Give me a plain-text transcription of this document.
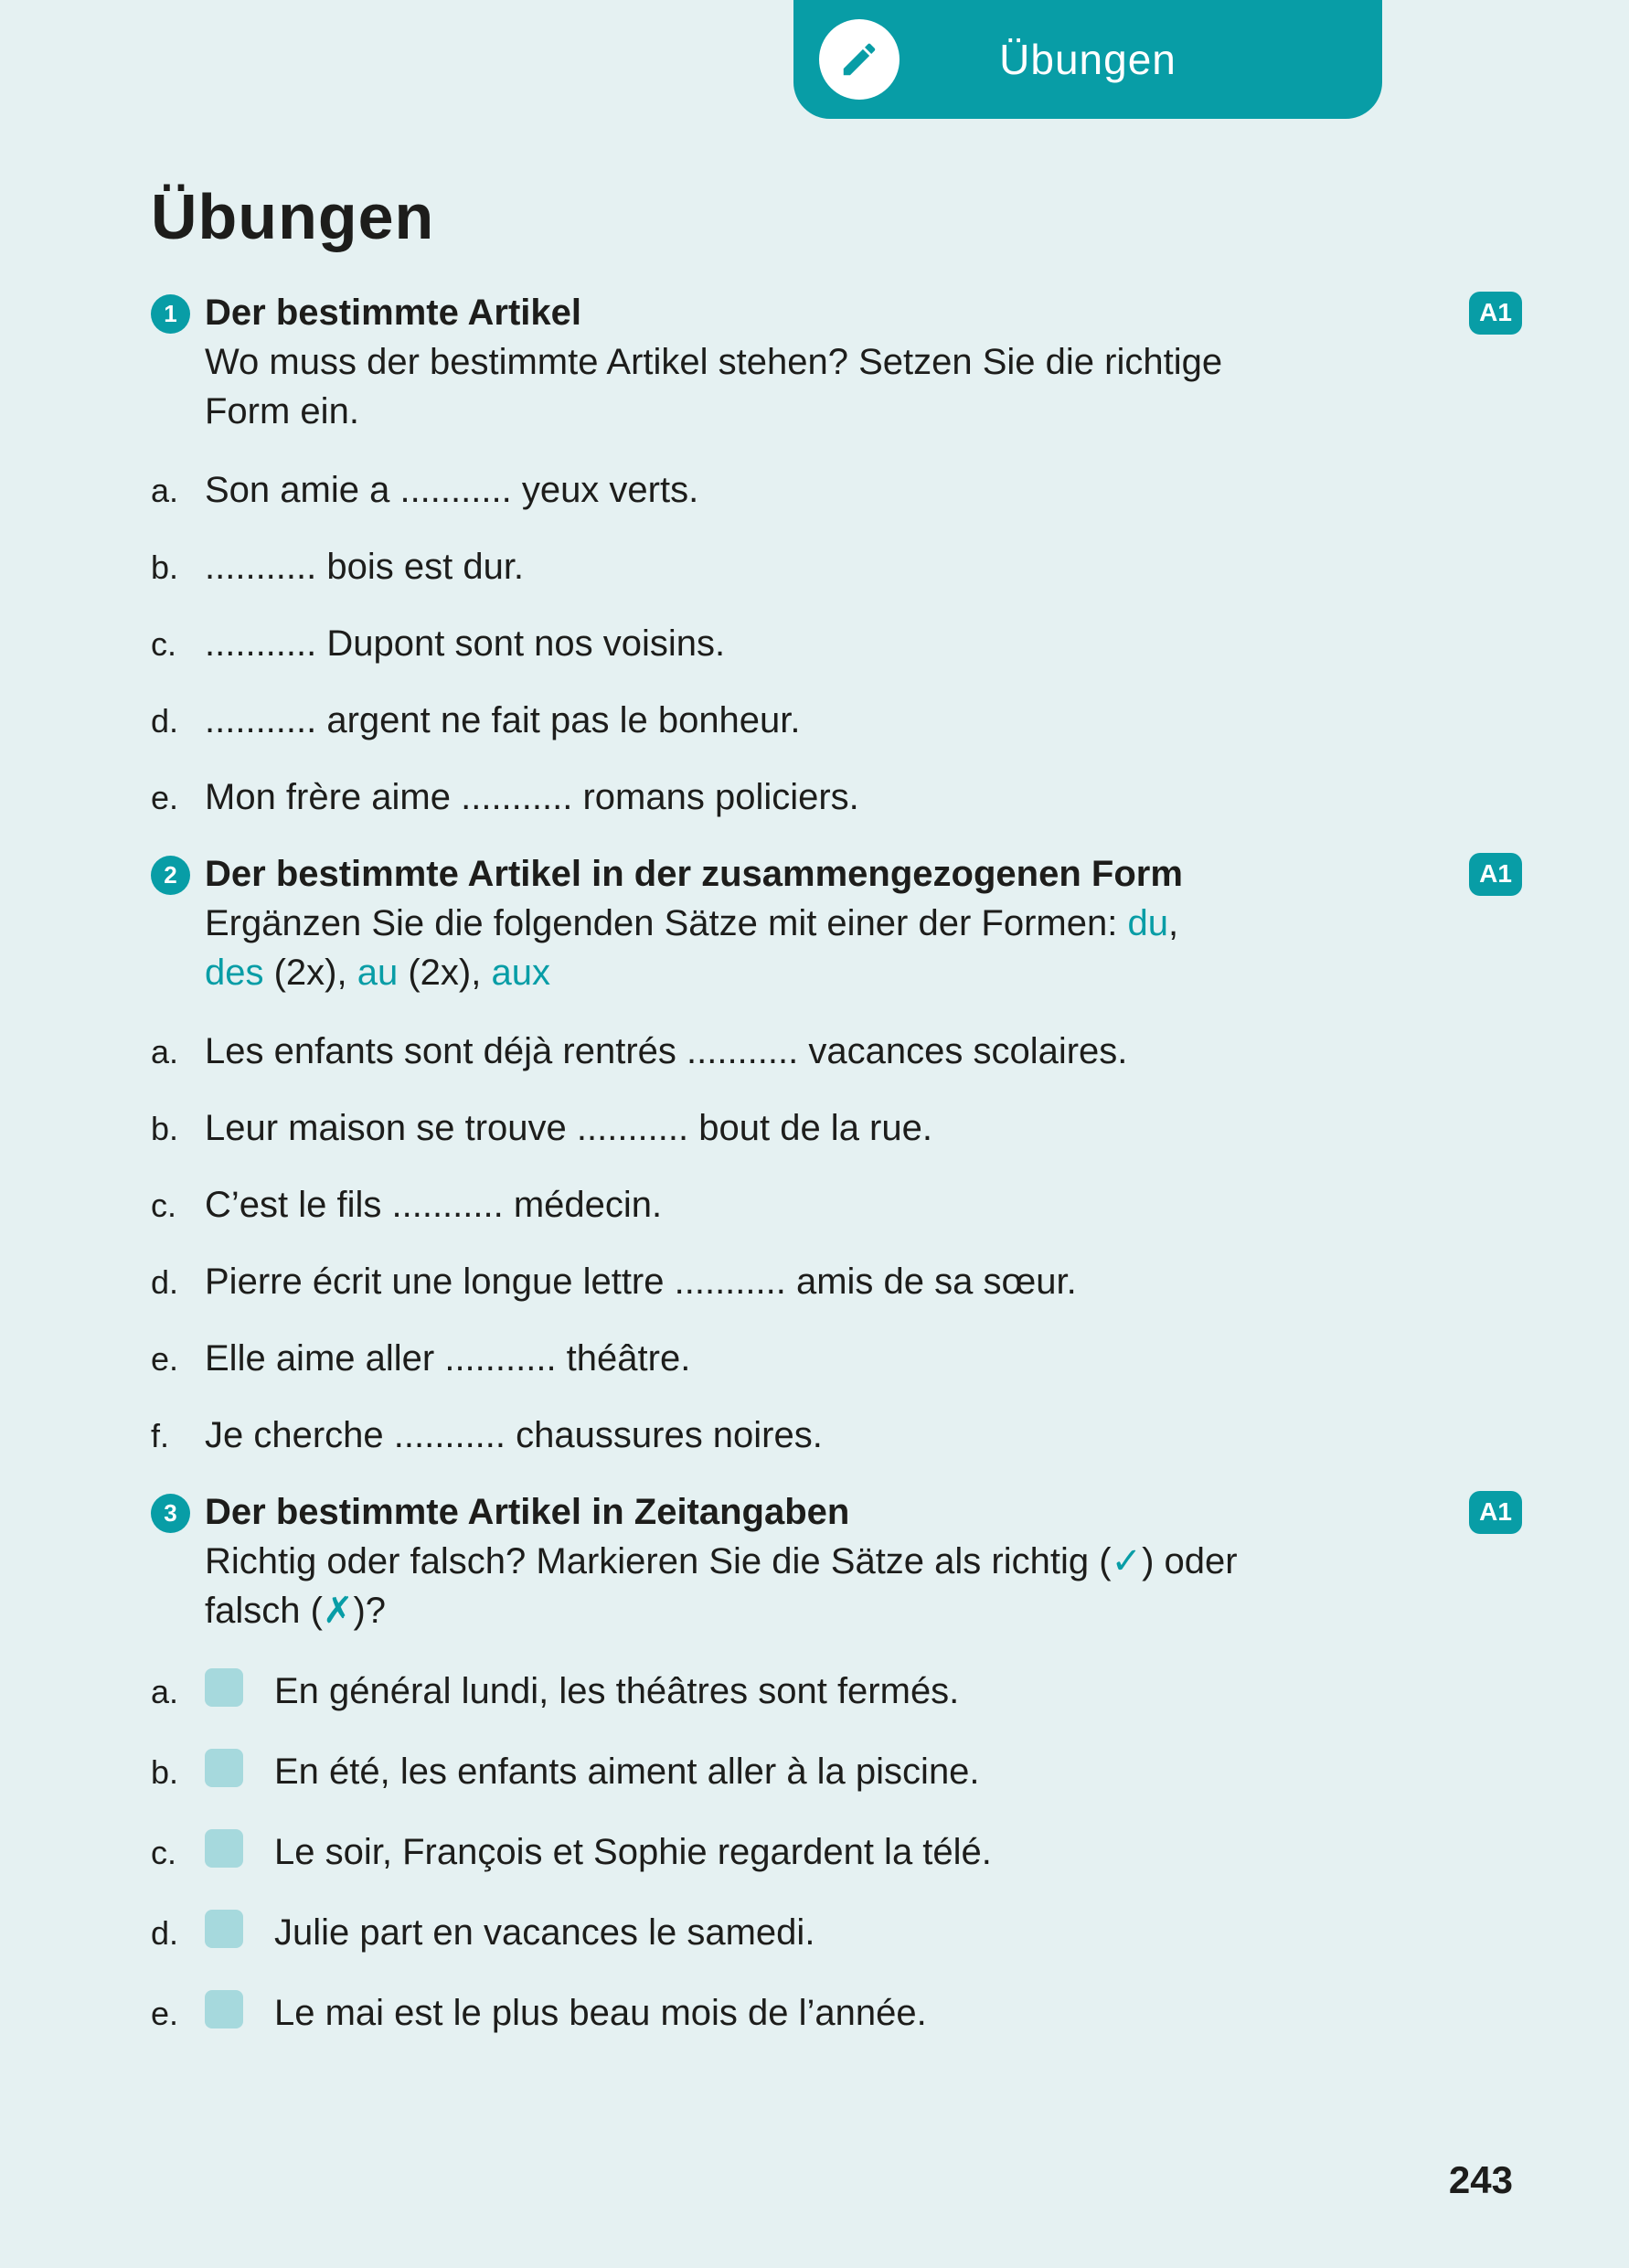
Übungen
Übungen
1 Der bestimmte Artikel
Wo muss der bestimmte Artikel stehen? Setzen Sie die richtige
Form ein.
A1
a. Son amie a ........... yeux verts.
b. ........... bois est dur.
c. ........... Dupont sont nos voisins.
d. ........... argent ne fait pas le bonheur.
e. Mon frère aime ........... romans policiers.
2 Der bestimmte Artikel in der zusammengezogenen Form
Ergänzen Sie die folgenden Sätze mit einer der Formen: du,
des (2x), au (2x), aux
A1
a. Les enfants sont déjà rentrés ........... vacances scolaires.
b. Leur maison se trouve ........... bout de la rue.
c. C’est le fils ........... médecin.
d. Pierre écrit une longue lettre ........... amis de sa sœur.
e. Elle aime aller ........... théâtre.
f. Je cherche ........... chaussures noires.
3 Der bestimmte Artikel in Zeitangaben
Richtig oder falsch? Markieren Sie die Sätze als richtig (✓) oder
falsch (✗)?
A1
a.	En général lundi, les théâtres sont fermés.
b.	En été, les enfants aiment aller à la piscine.
c.	Le soir, François et Sophie regardent la télé.
d.	Julie part en vacances le samedi.
e.	Le mai est le plus beau mois de l’année.
243
